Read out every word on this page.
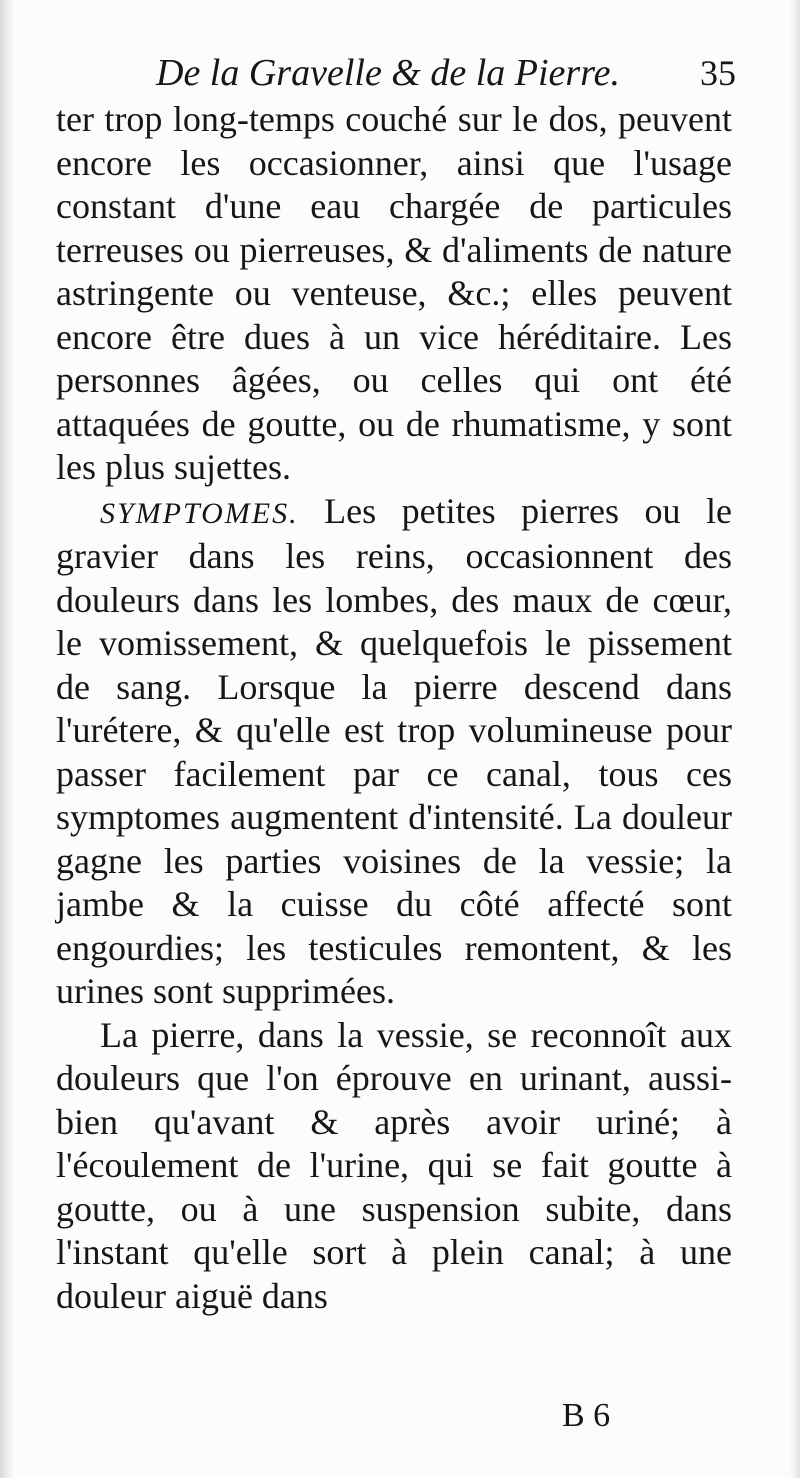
De la Gravelle & de la Pierre. 35

ter trop long-temps couché sur le dos, peuvent encore les occasionner, ainsi que l'usage constant d'une eau chargée de particules terreuses ou pierreuses, & d'aliments de nature astringente ou venteuse, &c.; elles peuvent encore être dues à un vice héréditaire. Les personnes âgées, ou celles qui ont été attaquées de goutte, ou de rhumatisme, y sont les plus sujettes.

SYMPTOMES. Les petites pierres ou le gravier dans les reins, occasionnent des douleurs dans les lombes, des maux de cœur, le vomissement, & quelquefois le pissement de sang. Lorsque la pierre descend dans l'urétere, & qu'elle est trop volumineuse pour passer facilement par ce canal, tous ces symptomes augmentent d'intensité. La douleur gagne les parties voisines de la vessie; la jambe & la cuisse du côté affecté sont engourdies; les testicules remontent, & les urines sont supprimées.

La pierre, dans la vessie, se reconnoît aux douleurs que l'on éprouve en urinant, aussi-bien qu'avant & après avoir uriné; à l'écoulement de l'urine, qui se fait goutte à goutte, ou à une suspension subite, dans l'instant qu'elle sort à plein canal; à une douleur aiguë dans

B 6
